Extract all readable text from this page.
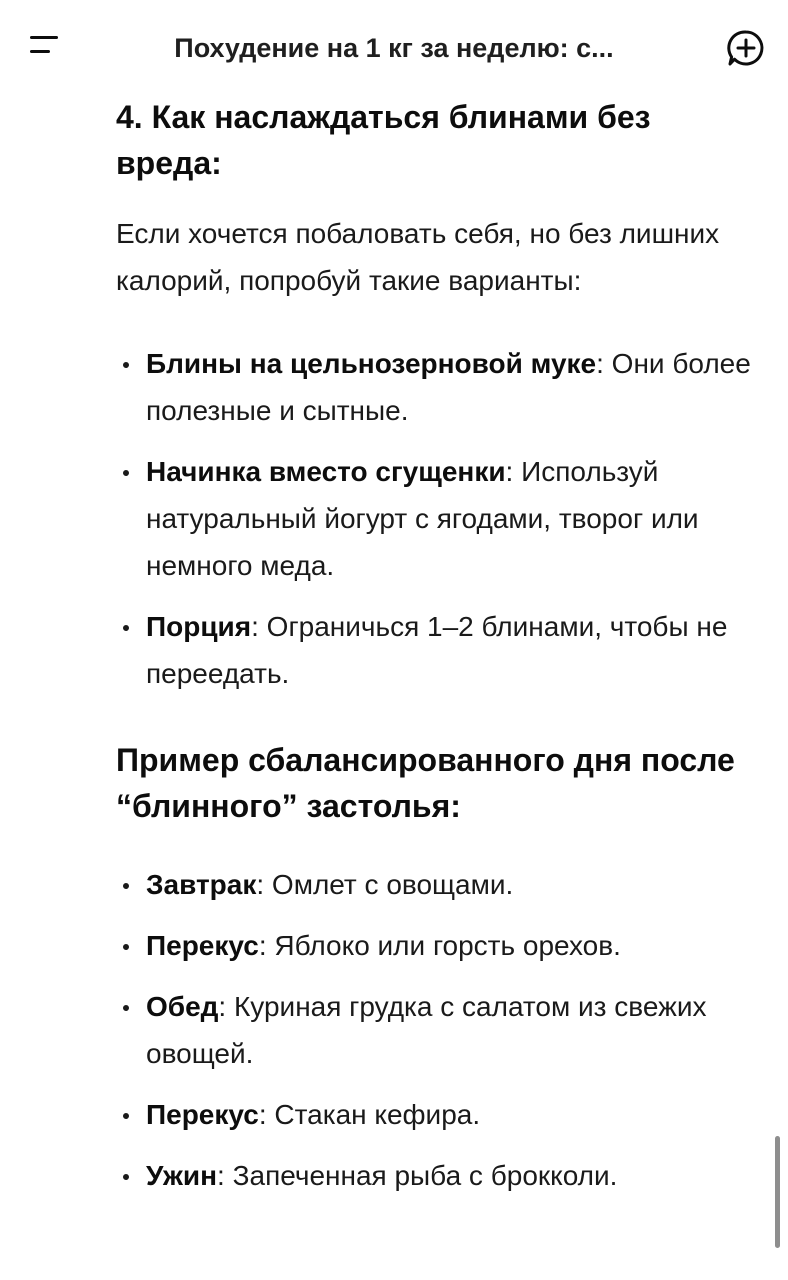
Похудение на 1 кг за неделю: с...
4. Как наслаждаться блинами без вреда:

Если хочется побаловать себя, но без лишних калорий, попробуй такие варианты:

Блины на цельнозерновой муке: Они более полезные и сытные.
Начинка вместо сгущенки: Используй натуральный йогурт с ягодами, творог или немного меда.
Порция: Ограничься 1–2 блинами, чтобы не переедать.
Пример сбалансированного дня после “блинного” застолья:
Завтрак: Омлет с овощами.
Перекус: Яблоко или горсть орехов.
Обед: Куриная грудка с салатом из свежих овощей.
Перекус: Стакан кефира.
Ужин: Запеченная рыба с брокколи.
